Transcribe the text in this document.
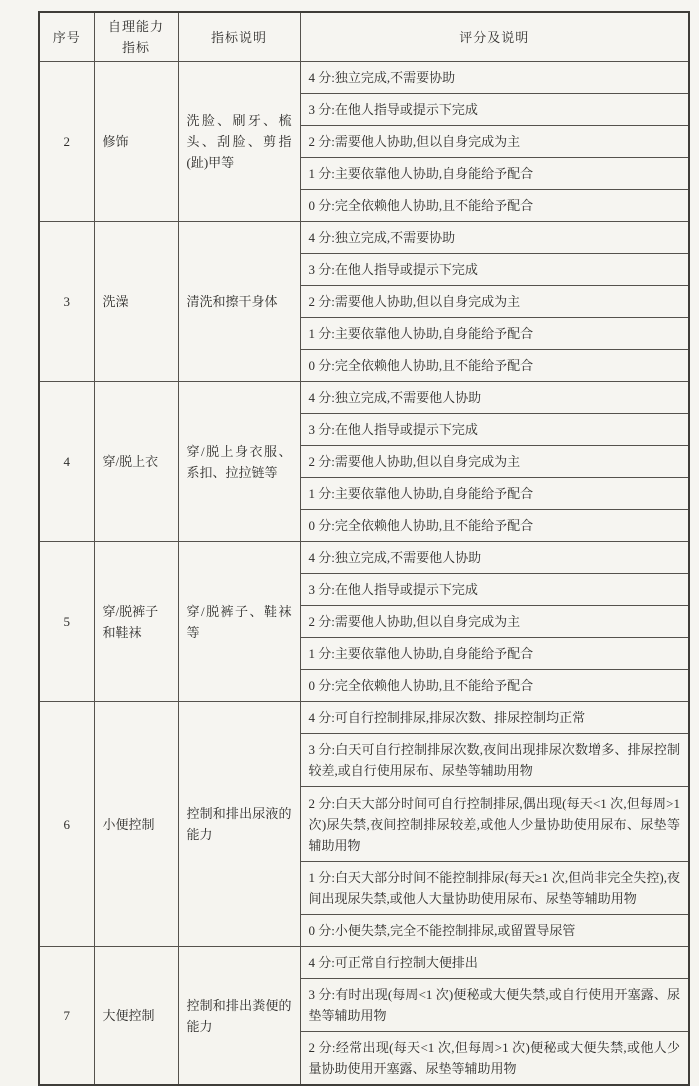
序号	自理能力指标	指标说明	评分及说明
2	修饰	洗脸、刷牙、梳头、刮脸、剪指(趾)甲等	4 分:独立完成,不需要协助
			3 分:在他人指导或提示下完成
			2 分:需要他人协助,但以自身完成为主
			1 分:主要依靠他人协助,自身能给予配合
			0 分:完全依赖他人协助,且不能给予配合
3	洗澡	清洗和擦干身体	4 分:独立完成,不需要协助
			3 分:在他人指导或提示下完成
			2 分:需要他人协助,但以自身完成为主
			1 分:主要依靠他人协助,自身能给予配合
			0 分:完全依赖他人协助,且不能给予配合
4	穿/脱上衣	穿/脱上身衣服、系扣、拉拉链等	4 分:独立完成,不需要他人协助
			3 分:在他人指导或提示下完成
			2 分:需要他人协助,但以自身完成为主
			1 分:主要依靠他人协助,自身能给予配合
			0 分:完全依赖他人协助,且不能给予配合
5	穿/脱裤子和鞋袜	穿/脱裤子、鞋袜等	4 分:独立完成,不需要他人协助
			3 分:在他人指导或提示下完成
			2 分:需要他人协助,但以自身完成为主
			1 分:主要依靠他人协助,自身能给予配合
			0 分:完全依赖他人协助,且不能给予配合
6	小便控制	控制和排出尿液的能力	4 分:可自行控制排尿,排尿次数、排尿控制均正常
			3 分:白天可自行控制排尿次数,夜间出现排尿次数增多、排尿控制较差,或自行使用尿布、尿垫等辅助用物
			2 分:白天大部分时间可自行控制排尿,偶出现(每天<1 次,但每周>1 次)尿失禁,夜间控制排尿较差,或他人少量协助使用尿布、尿垫等辅助用物
			1 分:白天大部分时间不能控制排尿(每天≥1 次,但尚非完全失控),夜间出现尿失禁,或他人大量协助使用尿布、尿垫等辅助用物
			0 分:小便失禁,完全不能控制排尿,或留置导尿管
7	大便控制	控制和排出粪便的能力	4 分:可正常自行控制大便排出
			3 分:有时出现(每周<1 次)便秘或大便失禁,或自行使用开塞露、尿垫等辅助用物
			2 分:经常出现(每天<1 次,但每周>1 次)便秘或大便失禁,或他人少量协助使用开塞露、尿垫等辅助用物
